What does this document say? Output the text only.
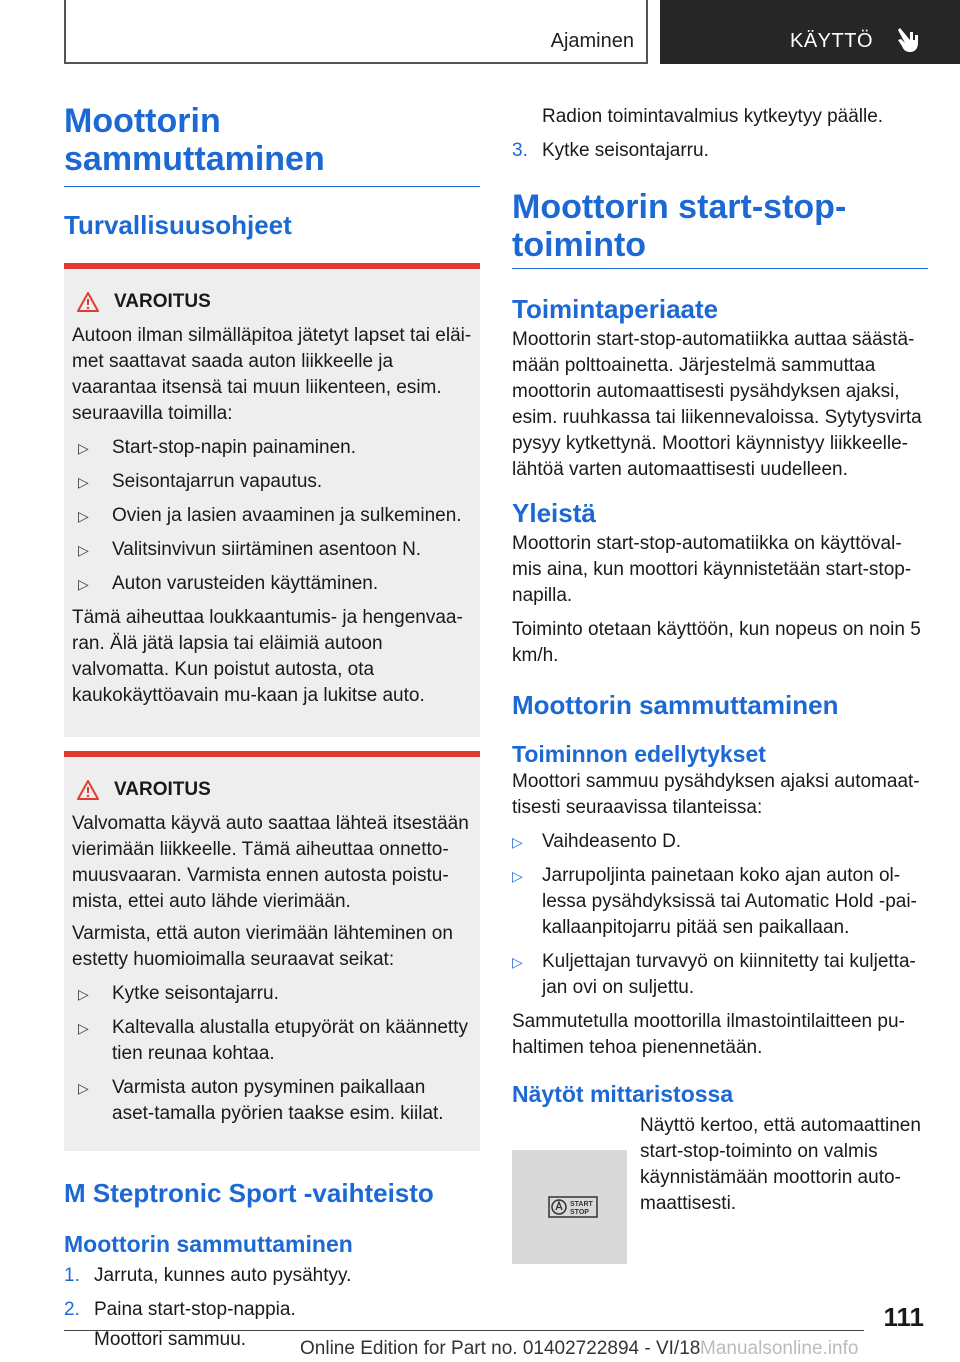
Ajaminen	KÄYTTÖ
Moottorin sammuttaminen
Turvallisuusohjeet
VAROITUS

Autoon ilman silmälläpitoa jätetyt lapset tai eläi-met saattavat saada auton liikkeelle ja vaarantaa itsensä tai muun liikenteen, esim. seuraavilla toimilla:

▷	Start-stop-napin painaminen.
▷	Seisontajarrun vapautus.
▷	Ovien ja lasien avaaminen ja sulkeminen.
▷	Valitsinvivun siirtäminen asentoon N.
▷	Auton varusteiden käyttäminen.

Tämä aiheuttaa loukkaantumis- ja hengenvaa-ran. Älä jätä lapsia tai eläimiä autoon valvomatta. Kun poistut autosta, ota kaukokäyttöavain mu-kaan ja lukitse auto.

VAROITUS

Valvomatta käyvä auto saattaa lähteä itsestään vierimään liikkeelle. Tämä aiheuttaa onnetto-muusvaaran. Varmista ennen autosta poistu-mista, ettei auto lähde vierimään.

Varmista, että auton vierimään lähteminen on estetty huomioimalla seuraavat seikat:

▷	Kytke seisontajarru.
▷	Kaltevalla alustalla etupyörät on käännetty tien reunaa kohtaa.
▷	Varmista auton pysyminen paikallaan aset-tamalla pyörien taakse esim. kiilat.
M Steptronic Sport -vaihteisto
Moottorin sammuttaminen
1. Jarruta, kunnes auto pysähtyy.
2. Paina start-stop-nappia.

Moottori sammuu.

Radion toimintavalmius kytkeytyy päälle.

3. Kytke seisontajarru.
Moottorin start-stop-toiminto
Toimintaperiaate

Moottorin start-stop-automatiikka auttaa säästä-mään polttoainetta. Järjestelmä sammuttaa moottorin automaattisesti pysähdyksen ajaksi, esim. ruuhkassa tai liikennevaloissa. Sytytysvirta pysyy kytkettynä. Moottori käynnistyy liikkeelle-lähtöä varten automaattisesti uudelleen.

Yleistä

Moottorin start-stop-automatiikka on käyttöval-mis aina, kun moottori käynnistetään start-stop-napilla.

Toiminto otetaan käyttöön, kun nopeus on noin 5 km/h.

Moottorin sammuttaminen
Toiminnon edellytykset

Moottori sammuu pysähdyksen ajaksi automaat-tisesti seuraavissa tilanteissa:

▷	Vaihdeasento D.
▷	Jarrupoljinta painetaan koko ajan auton ol-lessa pysähdyksissä tai Automatic Hold -pai-kallaanpitojarru pitää sen paikallaan.
▷	Kuljettajan turvavyö on kiinnitetty tai kuljetta-jan ovi on suljettu.

Sammutetulla moottorilla ilmastointilaitteen pu-haltimen tehoa pienennetään.

Näytöt mittaristossa

Näyttö kertoo, että automaattinen start-stop-toiminto on valmis käynnistämään moottorin auto-maattisesti.

START
STOP
111
Online Edition for Part no. 01402722894 - VI/18 Manualsonline.info
